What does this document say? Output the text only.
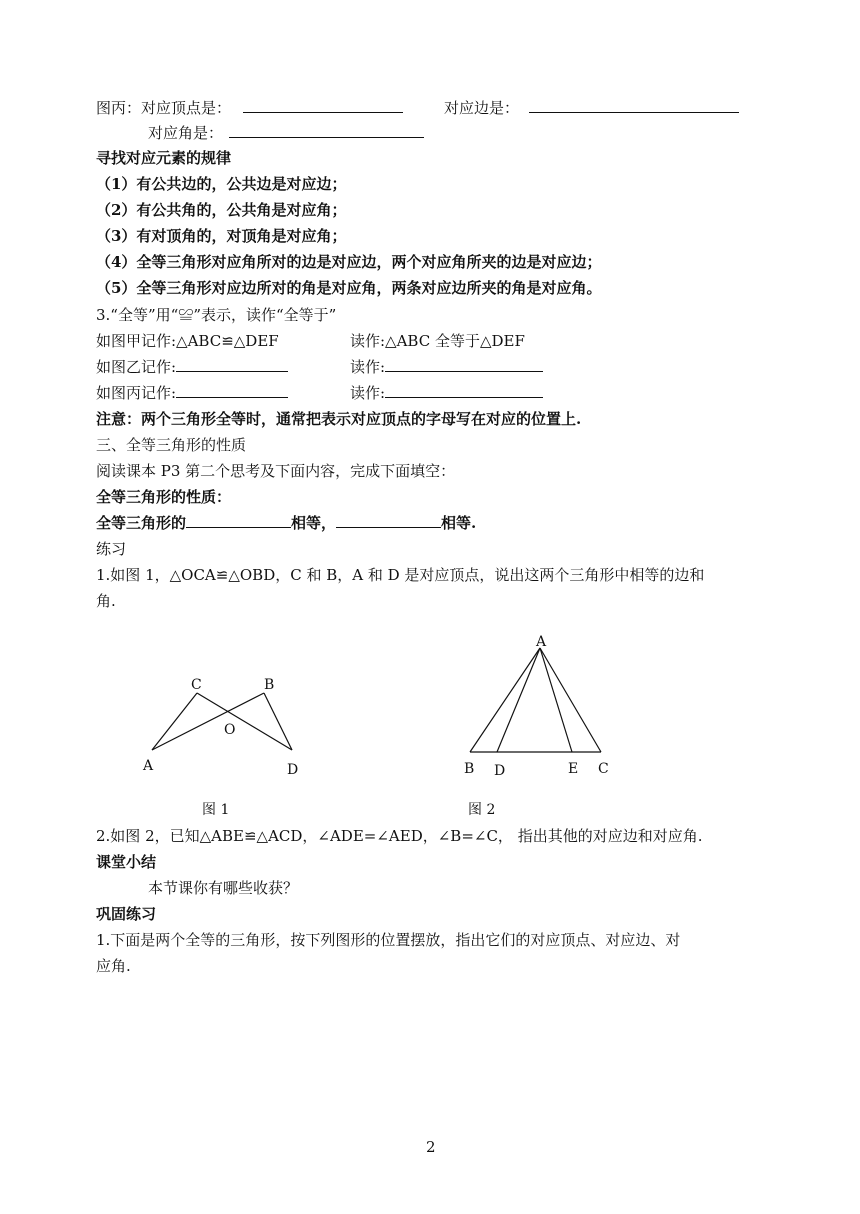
图丙：对应顶点是：	对应边是：
对应角是：
寻找对应元素的规律
（1）有公共边的，公共边是对应边；
（2）有公共角的，公共角是对应角；
（3）有对顶角的，对顶角是对应角；
（4）全等三角形对应角所对的边是对应边，两个对应角所夹的边是对应边；
（5）全等三角形对应边所对的角是对应角，两条对应边所夹的角是对应角。
3.“全等”用“≌”表示，读作“全等于”
如图甲记作:△ABC≌△DEF	读作:△ABC 全等于△DEF
如图乙记作:	读作:
如图丙记作:	读作:
注意：两个三角形全等时，通常把表示对应顶点的字母写在对应的位置上.
三、全等三角形的性质
阅读课本 P3 第二个思考及下面内容，完成下面填空：
全等三角形的性质：
全等三角形的	相等，	相等.
练习
1.如图 1，△OCA≌△OBD，C 和 B，A 和 D 是对应顶点，说出这两个三角形中相等的边和
角.
C	B
O
A	D
图 1
A
B D	E C
图 2
2.如图 2，已知△ABE≌△ACD，∠ADE=∠AED，∠B=∠C， 指出其他的对应边和对应角.
课堂小结
本节课你有哪些收获？
巩固练习
1.下面是两个全等的三角形，按下列图形的位置摆放，指出它们的对应顶点、对应边、对
应角.
2
